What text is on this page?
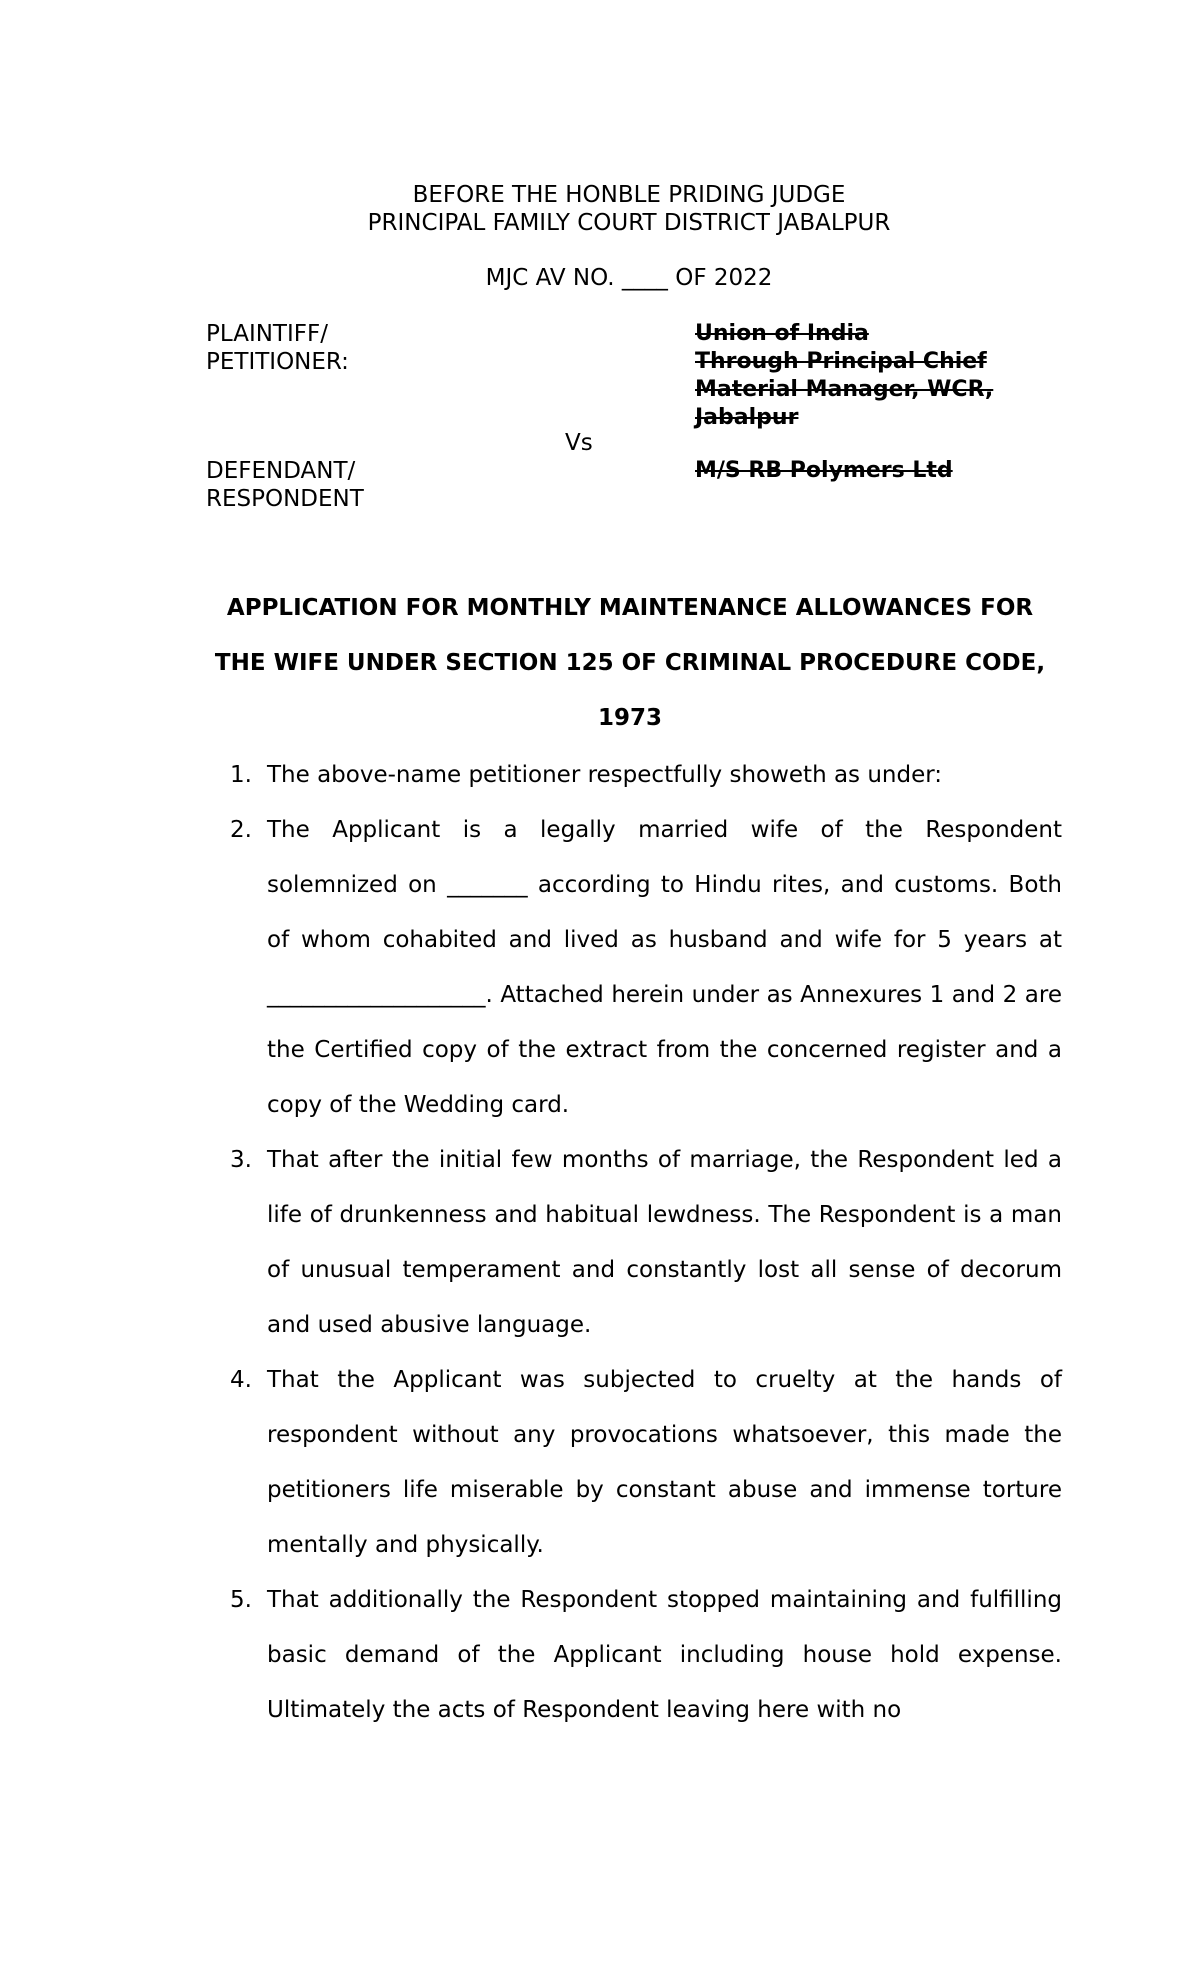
BEFORE THE HONBLE PRIDING JUDGE
PRINCIPAL FAMILY COURT DISTRICT JABALPUR
MJC AV NO. ____ OF 2022
PLAINTIFF/
PETITIONER:
Union of India
Through Principal Chief
Material Manager, WCR,
Jabalpur
Vs
DEFENDANT/
RESPONDENT
M/S RB Polymers Ltd
APPLICATION FOR MONTHLY MAINTENANCE ALLOWANCES FOR
THE WIFE UNDER SECTION 125 OF CRIMINAL PROCEDURE CODE,
1973
1. The above-name petitioner respectfully showeth as under:
2. The Applicant is a legally married wife of the Respondent solemnized on _______ according to Hindu rites, and customs. Both of whom cohabited and lived as husband and wife for 5 years at ___________________. Attached herein under as Annexures 1 and 2 are the Certified copy of the extract from the concerned register and a copy of the Wedding card.
3. That after the initial few months of marriage, the Respondent led a life of drunkenness and habitual lewdness. The Respondent is a man of unusual temperament and constantly lost all sense of decorum and used abusive language.
4. That the Applicant was subjected to cruelty at the hands of respondent without any provocations whatsoever, this made the petitioners life miserable by constant abuse and immense torture mentally and physically.
5. That additionally the Respondent stopped maintaining and fulfilling basic demand of the Applicant including house hold expense. Ultimately the acts of Respondent leaving here with no
